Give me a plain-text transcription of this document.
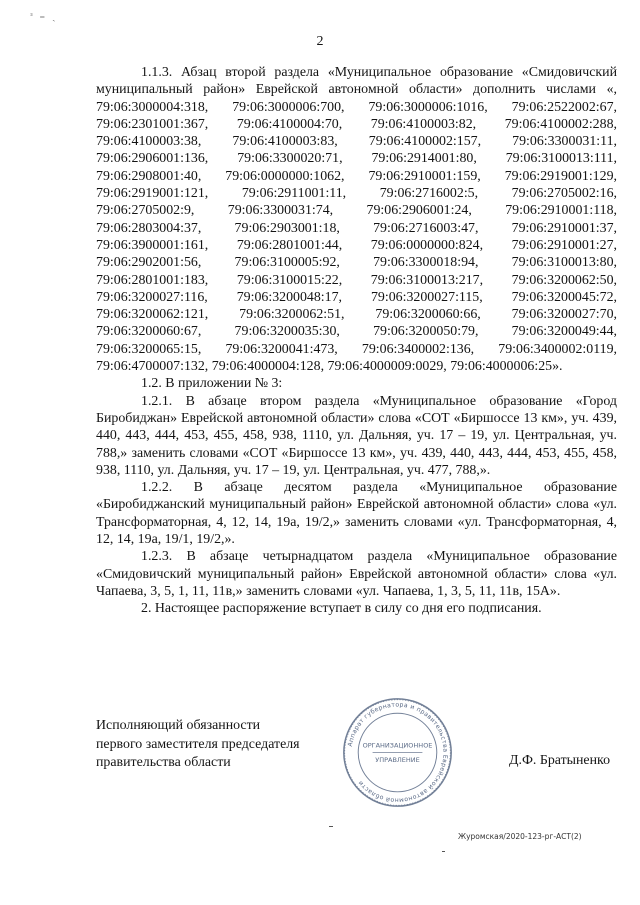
ᶟ ₌ ˏ
2

1.1.3. Абзац второй раздела «Муниципальное образование «Смидовичский муниципальный район» Еврейской автономной области» дополнить числами «, 79:06:3000004:318, 79:06:3000006:700, 79:06:3000006:1016, 79:06:2522002:67, 79:06:2301001:367, 79:06:4100004:70, 79:06:4100003:82, 79:06:4100002:288, 79:06:4100003:38, 79:06:4100003:83, 79:06:4100002:157, 79:06:3300031:11, 79:06:2906001:136, 79:06:3300020:71, 79:06:2914001:80, 79:06:3100013:111, 79:06:2908001:40, 79:06:0000000:1062, 79:06:2910001:159, 79:06:2919001:129, 79:06:2919001:121, 79:06:2911001:11, 79:06:2716002:5, 79:06:2705002:16, 79:06:2705002:9, 79:06:3300031:74, 79:06:2906001:24, 79:06:2910001:118, 79:06:2803004:37, 79:06:2903001:18, 79:06:2716003:47, 79:06:2910001:37, 79:06:3900001:161, 79:06:2801001:44, 79:06:0000000:824, 79:06:2910001:27, 79:06:2902001:56, 79:06:3100005:92, 79:06:3300018:94, 79:06:3100013:80, 79:06:2801001:183, 79:06:3100015:22, 79:06:3100013:217, 79:06:3200062:50, 79:06:3200027:116, 79:06:3200048:17, 79:06:3200027:115, 79:06:3200045:72, 79:06:3200062:121, 79:06:3200062:51, 79:06:3200060:66, 79:06:3200027:70, 79:06:3200060:67, 79:06:3200035:30, 79:06:3200050:79, 79:06:3200049:44, 79:06:3200065:15, 79:06:3200041:473, 79:06:3400002:136, 79:06:3400002:0119, 79:06:4700007:132, 79:06:4000004:128, 79:06:4000009:0029, 79:06:4000006:25».

1.2. В приложении № 3:

1.2.1. В абзаце втором раздела «Муниципальное образование «Город Биробиджан» Еврейской автономной области» слова «СОТ «Биршоссе 13 км», уч. 439, 440, 443, 444, 453, 455, 458, 938, 1110, ул. Дальняя, уч. 17 – 19, ул. Центральная, уч. 788,» заменить словами «СОТ «Биршоссе 13 км», уч. 439, 440, 443, 444, 453, 455, 458, 938, 1110, ул. Дальняя, уч. 17 – 19, ул. Центральная, уч. 477, 788,».

1.2.2. В абзаце десятом раздела «Муниципальное образование «Биробиджанский муниципальный район» Еврейской автономной области» слова «ул. Трансформаторная, 4, 12, 14, 19а, 19/2,» заменить словами «ул. Трансформаторная, 4, 12, 14, 19а, 19/1, 19/2,».

1.2.3. В абзаце четырнадцатом раздела «Муниципальное образование «Смидовичский муниципальный район» Еврейской автономной области» слова «ул. Чапаева, 3, 5, 1, 11, 11в,» заменить словами «ул. Чапаева, 1, 3, 5, 11, 11в, 15А».

2. Настоящее распоряжение вступает в силу со дня его подписания.

Исполняющий обязанности
первого заместителя председателя
правительства области
Аппарат губернатора и правительства Еврейской автономной области
ОРГАНИЗАЦИОННОЕ
УПРАВЛЕНИЕ	Д.Ф. Братыненко
Журомская/2020-123-рг-АСТ(2)
